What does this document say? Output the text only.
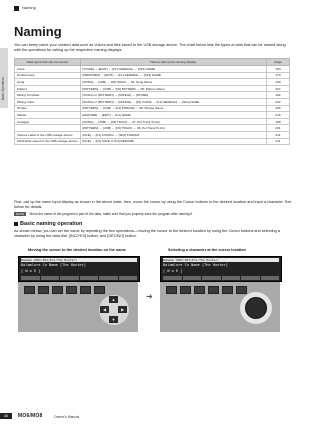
Naming
Basic Operation
Naming

You can freely name your created data such as Voices and files saved to the USB storage device. The chart below lists the types of data that can be named along with the operations for calling up the respective naming displays.

Data types that can be named	How to call up the naming display	Page
Voice	[VOICE] → [EDIT] → [F1] GENERAL → [SF1] NAME	153
Performance	[PERFORM] → [EDIT] → [F1] GENERAL → [SF1] NAME	173
Song	[SONG] → [JOB] → [F6] SONG → 04: Song Name	199
Pattern	[PATTERN] → [JOB] → [F6] PATTERN → 05: Pattern Name	207
Mixing Template	[SONG] or [PATTERN] → [MIXING] → [STORE]	192
Mixing Voice	[SONG] or [PATTERN] → [MIXING] → [F4] VOICE → [F1] GENERAL → [SF1] NAME	222
Phrase	[PATTERN] → [JOB] → [F4] PHRASE → 08: Phrase Name	205
Master	[MASTER] → [EDIT] → [F1] NAME	216
Arpeggio	[SONG] → [JOB] → [F6] TRACK → 07: Put Track To Arp	199
	[PATTERN] → [JOB] → [F6] TRACK → 06: Put Track To Arp	201
Volume Label of the USB storage device	[FILE] → [F1] CONFIG → [SF2] FORMAT	211
File/Folder saved to the USB storage device	[FILE] → [F2] SAVE or [F4] RENAME	211

First, call up the name input display as shown in the above table, then, move the cursor by using the Cursor buttons to the desired location and input a character. See below for details.

NOTE Since the name of the program is part of the data, make sure that you properly save the program after naming it.
Basic naming operation

As shown below, you can set the name by repeating the two operations—moving the cursor to the desired location by using the Cursor buttons and selecting a character by using the data dial, [INC/YES] button, and [DEC/NO] button.

Moving the cursor to the desired location on the name	Selecting a character at the cursor location
Namame USR1:001(Pre:The Hunter)
Balamlore Cn Name [The Hunter]
[ N o E ]
Namame USR1:001(Pre:The Hunter)
Balamlore Cn Name [The Hunter]
[ N o E ]
▲
◀	▶
▼
➜
36	MO6/MO8	Owner's Manual
